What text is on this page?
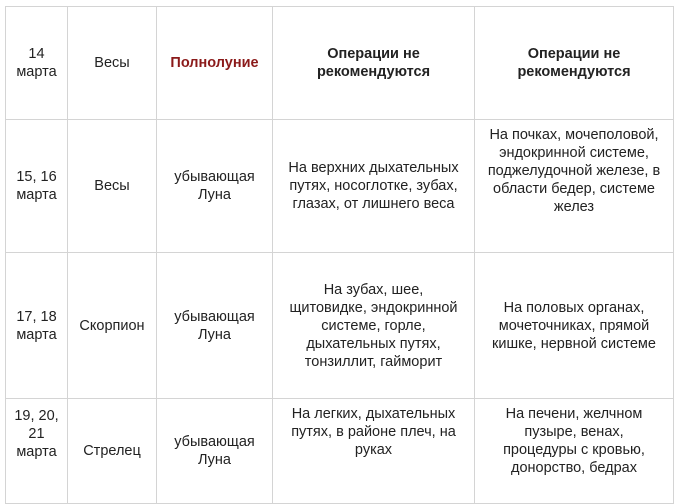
14 марта	Весы	Полнолуние	Операции не рекомендуются	Операции не рекомендуются

15, 16 марта	Весы	убывающая Луна	На верхних дыхательных путях, носоглотке, зубах, глазах, от лишнего веса	На почках, мочеполовой, эндокринной системе, поджелудочной железе, в области бедер, системе желез

17, 18 марта	Скорпион	убывающая Луна	На зубах, шее, щитовидке, эндокринной системе, горле, дыхательных путях, тонзиллит, гайморит	На половых органах, мочеточниках, прямой кишке, нервной системе

19, 20, 21 марта	Стрелец	убывающая Луна	На легких, дыхательных путях, в районе плеч, на руках	На печени, желчном пузыре, венах, процедуры с кровью, донорство, бедрах
